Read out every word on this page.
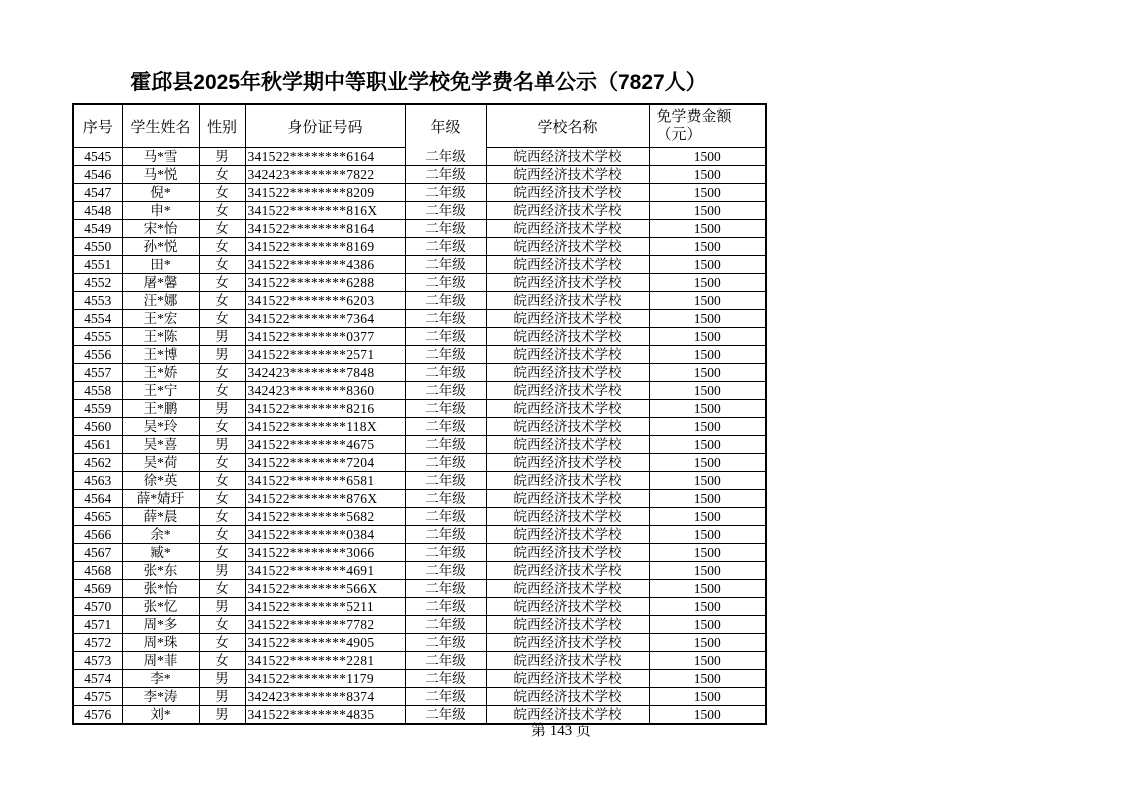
霍邱县2025年秋学期中等职业学校免学费名单公示（7827人）
序号	学生姓名	性别	身份证号码	年级	学校名称	免学费金额
（元）

4545	马*雪	男	341522********6164	二年级	皖西经济技术学校	1500
4546	马*悦	女	342423********7822	二年级	皖西经济技术学校	1500
4547	倪*	女	341522********8209	二年级	皖西经济技术学校	1500
4548	申*	女	341522********816X	二年级	皖西经济技术学校	1500
4549	宋*怡	女	341522********8164	二年级	皖西经济技术学校	1500
4550	孙*悦	女	341522********8169	二年级	皖西经济技术学校	1500
4551	田*	女	341522********4386	二年级	皖西经济技术学校	1500
4552	屠*馨	女	341522********6288	二年级	皖西经济技术学校	1500
4553	汪*娜	女	341522********6203	二年级	皖西经济技术学校	1500
4554	王*宏	女	341522********7364	二年级	皖西经济技术学校	1500
4555	王*陈	男	341522********0377	二年级	皖西经济技术学校	1500
4556	王*博	男	341522********2571	二年级	皖西经济技术学校	1500
4557	王*娇	女	342423********7848	二年级	皖西经济技术学校	1500
4558	王*宁	女	342423********8360	二年级	皖西经济技术学校	1500
4559	王*鹏	男	341522********8216	二年级	皖西经济技术学校	1500
4560	吴*玲	女	341522********118X	二年级	皖西经济技术学校	1500
4561	吴*喜	男	341522********4675	二年级	皖西经济技术学校	1500
4562	吴*荷	女	341522********7204	二年级	皖西经济技术学校	1500
4563	徐*英	女	341522********6581	二年级	皖西经济技术学校	1500
4564	薛*婧玗	女	341522********876X	二年级	皖西经济技术学校	1500
4565	薛*晨	女	341522********5682	二年级	皖西经济技术学校	1500
4566	余*	女	341522********0384	二年级	皖西经济技术学校	1500
4567	臧*	女	341522********3066	二年级	皖西经济技术学校	1500
4568	张*东	男	341522********4691	二年级	皖西经济技术学校	1500
4569	张*怡	女	341522********566X	二年级	皖西经济技术学校	1500
4570	张*忆	男	341522********5211	二年级	皖西经济技术学校	1500
4571	周*多	女	341522********7782	二年级	皖西经济技术学校	1500
4572	周*珠	女	341522********4905	二年级	皖西经济技术学校	1500
4573	周*菲	女	341522********2281	二年级	皖西经济技术学校	1500
4574	李*	男	341522********1179	二年级	皖西经济技术学校	1500
4575	李*涛	男	342423********8374	二年级	皖西经济技术学校	1500
4576	刘*	男	341522********4835	二年级	皖西经济技术学校	1500
第 143 页
